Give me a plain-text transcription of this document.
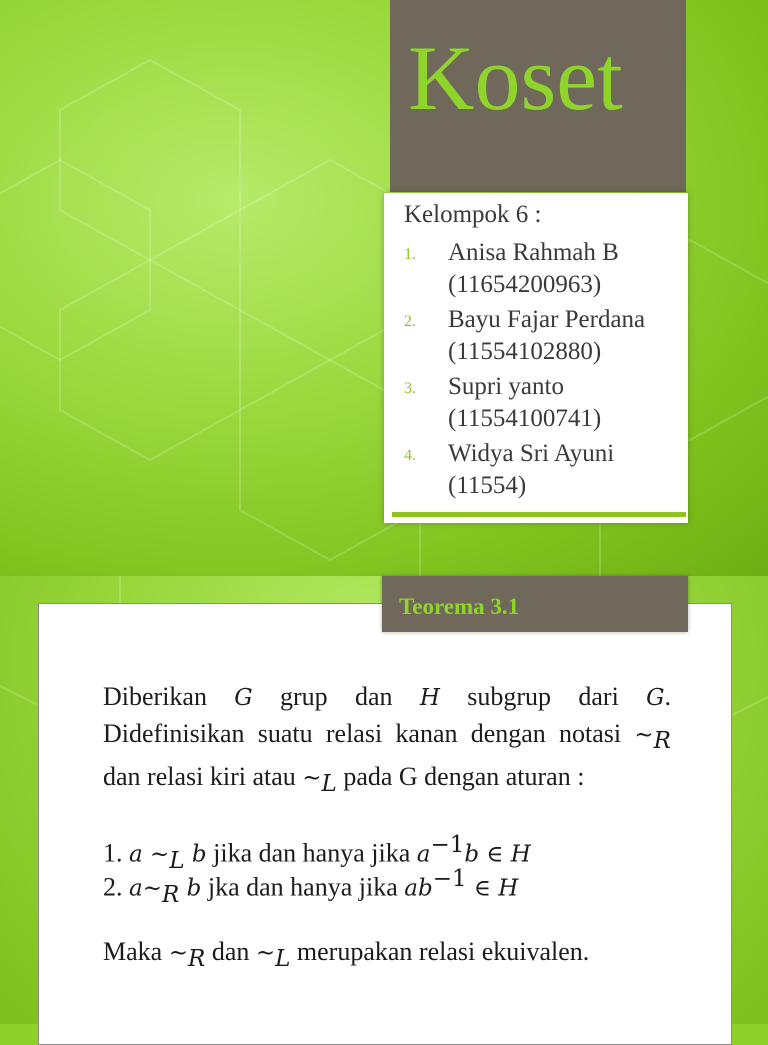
Koset
Kelompok 6 :
1.	Anisa Rahmah B
(11654200963)
2.	Bayu Fajar Perdana
(11554102880)
3.	Supri yanto
(11554100741)
4.	Widya Sri Ayuni
(11554)
Diberikan G grup dan H subgrup dari G. Didefinisikan suatu relasi kanan dengan notasi $\sim_R$ dan relasi kiri atau $\sim_L$ pada G dengan aturan :
1. a $\sim_L$ b jika dan hanya jika $a^{-1}b$ ∈ H
2. $a\sim_R$ b jka dan hanya jika $ab^{-1}$ ∈ H
Maka $\sim_R$ dan $\sim_L$ merupakan relasi ekuivalen.
Teorema 3.1
